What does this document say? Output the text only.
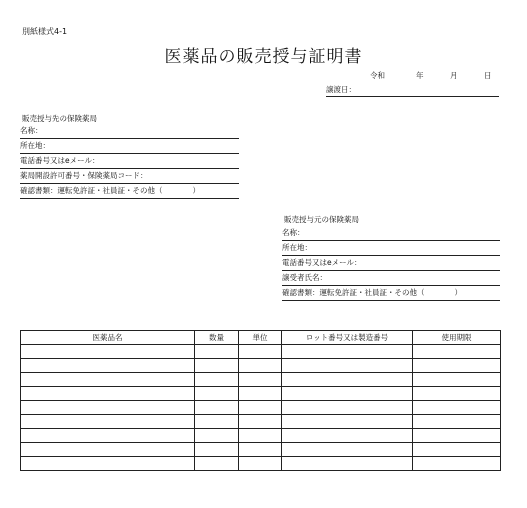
別紙様式4-1
医薬品の販売授与証明書
令和	年	月	日
譲渡日：
販売授与先の保険薬局
名称：
所在地：
電話番号又はeメール：
薬局開設許可番号・保険薬局コード：
確認書類：運転免許証・社員証・その他（　　　　）
販売授与元の保険薬局
名称：
所在地：
電話番号又はeメール：
譲受者氏名：
確認書類：運転免許証・社員証・その他（　　　　）
医薬品名	数量	単位	ロット番号又は製造番号	使用期限
